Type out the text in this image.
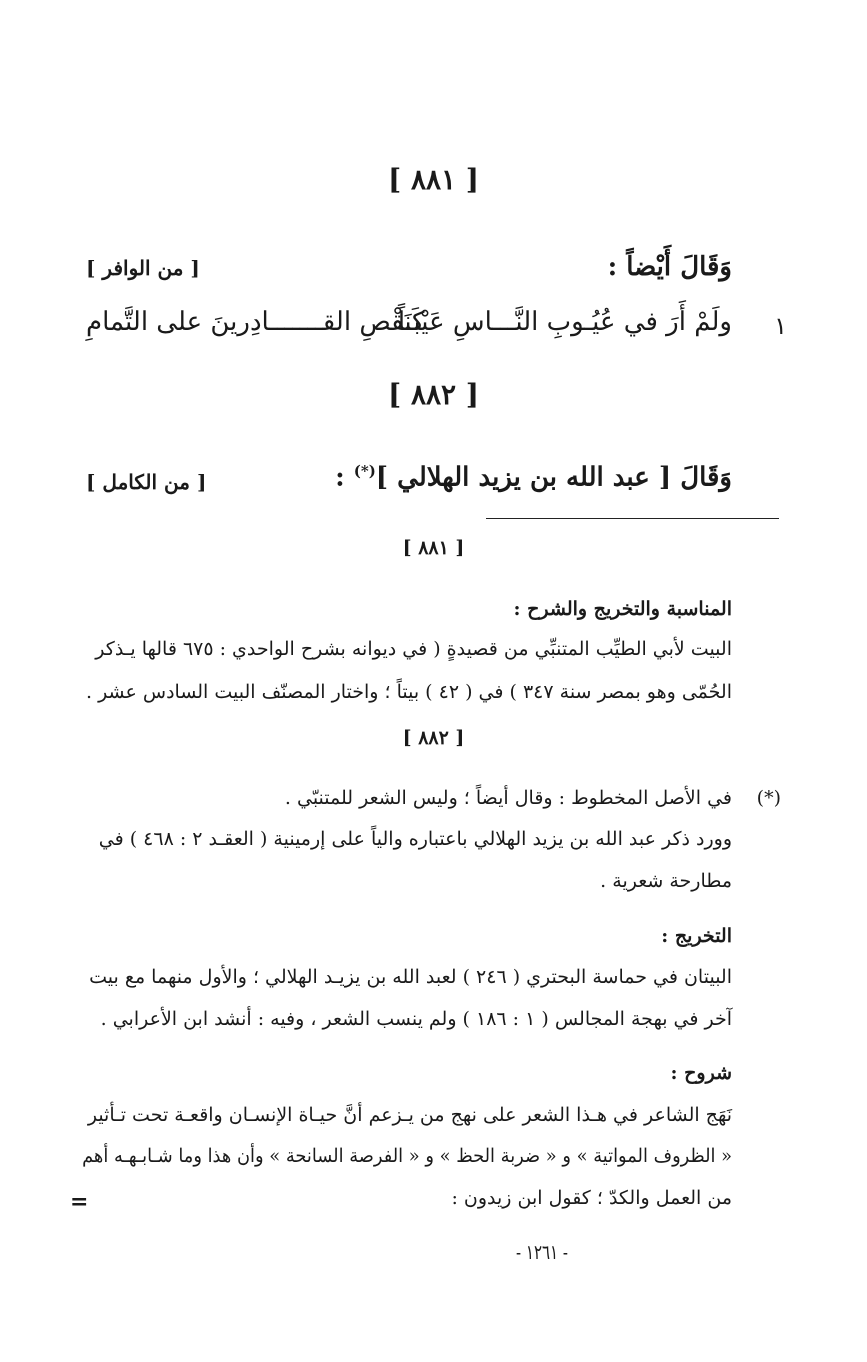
[ ٨٨١ ]
وَقَالَ أَيْضاً :
[ من الوافر ]
١
ولَمْ أَرَ في عُيُـوبِ النَّـــاسِ عَيْبـاً
كَنَقْصِ القـــــــادِرينَ على التَّمامِ
[ ٨٨٢ ]
وَقَالَ [ عبد الله بن يزيد الهلالي ](*) :
[ من الكامل ]
[ ٨٨١ ]
المناسبة والتخريج والشرح :
البيت لأبي الطيِّب المتنبِّي من قصيدةٍ ( في ديوانه بشرح الواحدي : ٦٧٥ قالها يـذكر
الحُمّى وهو بمصر سنة ٣٤٧ ) في ( ٤٢ ) بيتاً ؛ واختار المصنّف البيت السادس عشر .
[ ٨٨٢ ]
(*)
في الأصل المخطوط : وقال أيضاً ؛ وليس الشعر للمتنبّي .
وورد ذكر عبد الله بن يزيد الهلالي باعتباره والياً على إرمينية ( العقـد ٢ : ٤٦٨ ) في
مطارحة شعرية .
التخريج :
البيتان في حماسة البحتري ( ٢٤٦ ) لعبد الله بن يزيـد الهلالي ؛ والأول منهما مع بيت
آخر في بهجة المجالس ( ١ : ١٨٦ ) ولم ينسب الشعر ، وفيه : أنشد ابن الأعرابي .
شروح :
نَهَج الشاعر في هـذا الشعر على نهج من يـزعم أنَّ حيـاة الإنسـان واقعـة تحت تـأثير
« الظروف المواتية » و « ضربة الحظ » و « الفرصة السانحة » وأن هذا وما شـابـهـه أهم
من العمل والكدّ ؛ كقول ابن زيدون :
=
- ١٢٦١ -
